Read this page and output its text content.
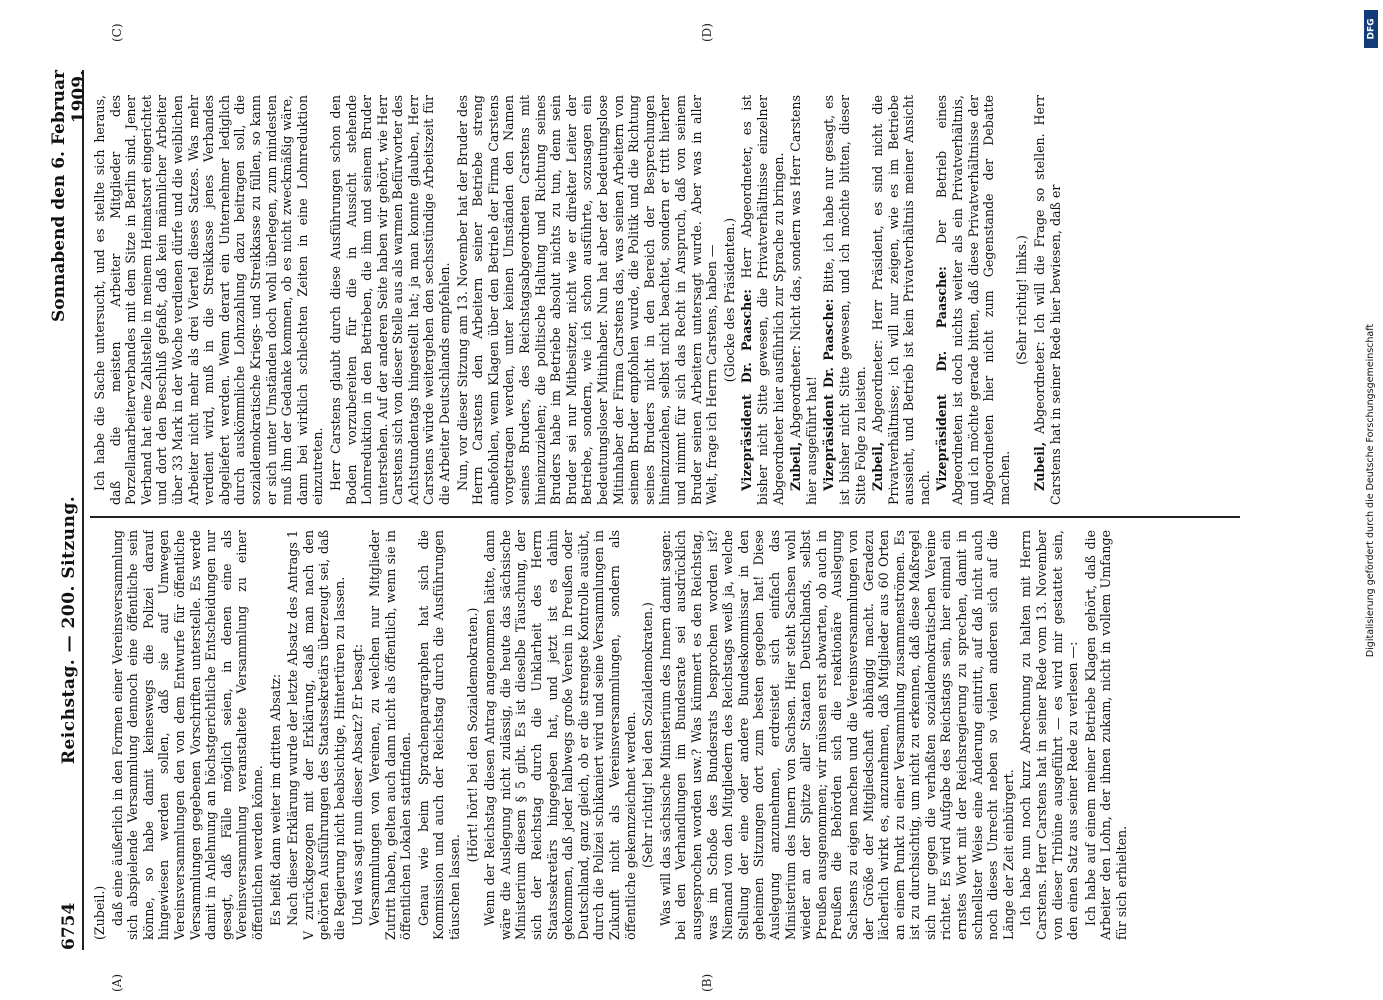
6754
Reichstag. — 200. Sitzung.
Sonnabend den 6. Februar 1909.
(A)	(B)
(C)	(D)

(Zubeil.) daß eine äußerlich in den Formen einer Vereinsversammlung sich abspielende Versammlung dennoch eine öffentliche sein könne, so habe damit keineswegs die Polizei darauf hingewiesen werden sollen, daß sie auf Umwegen Vereinsversammlungen den von dem Entwurfe für öffentliche Versammlungen gegebenen Vorschriften unterstelle. Es werde damit in Anlehnung an höchstgerichtliche Entscheidungen nur gesagt, daß Fälle möglich seien, in denen eine als Vereinsversammlung veranstaltete Versammlung zu einer öffentlichen werden könne. Es heißt dann weiter im dritten Absatz: Nach dieser Erklärung wurde der letzte Absatz des Antrags 1 V zurückgezogen mit der Erklärung, daß man nach den gehörten Ausführungen des Staatssekretärs überzeugt sei, daß die Regierung nicht beabsichtige, Hintertüren zu lassen. Und was sagt nun dieser Absatz? Er besagt: Versammlungen von Vereinen, zu welchen nur Mitglieder Zutritt haben, gelten auch dann nicht als öffentlich, wenn sie in öffentlichen Lokalen stattfinden. Genau wie beim Sprachenparagraphen hat sich die Kommission und auch der Reichstag durch die Ausführungen täuschen lassen.

(Hört! hört! bei den Sozialdemokraten.) Wenn der Reichstag diesen Antrag angenommen hätte, dann wäre die Auslegung nicht zulässig, die heute das sächsische Ministerium diesem § 5 gibt. Es ist dieselbe Täuschung, der sich der Reichstag durch die Unklarheit des Herrn Staatssekretärs hingegeben hat, und jetzt ist es dahin gekommen, daß jeder halbwegs große Verein in Preußen oder Deutschland, ganz gleich, ob er die strengste Kontrolle ausübt, durch die Polizei schikaniert wird und seine Versammlungen in Zukunft nicht als Vereinsversammlungen, sondern als öffentliche gekennzeichnet werden. (Sehr richtig! bei den Sozialdemokraten.) Was will das sächsische Ministerium des Innern damit sagen: bei den Verhandlungen im Bundesrate sei ausdrücklich ausgesprochen worden usw.? Was kümmert es den Reichstag, was im Schoße des Bundesrats besprochen worden ist? Niemand von den Mitgliedern des Reichstags weiß ja, welche Stellung der eine oder andere Bundeskommissar in den geheimen Sitzungen dort zum besten gegeben hat! Diese Auslegung anzunehmen, erdreistet sich einfach das Ministerium des Innern von Sachsen. Hier steht Sachsen wohl wieder an der Spitze aller Staaten Deutschlands, selbst Preußen ausgenommen; wir müssen erst abwarten, ob auch in Preußen die Behörden sich die reaktionäre Auslegung Sachsens zu eigen machen und die Vereinsversammlungen von der Größe der Mitgliedschaft abhängig macht. Geradezu lächerlich wirkt es, anzunehmen, daß Mitglieder aus 60 Orten an einem Punkt zu einer Versammlung zusammenströmen. Es ist zu durchsichtig, um nicht zu erkennen, daß diese Maßregel sich nur gegen die verhaßten sozialdemokratischen Vereine richtet. Es wird Aufgabe des Reichstags sein, hier einmal ein ernstes Wort mit der Reichsregierung zu sprechen, damit in schnellster Weise eine Änderung eintritt, auf daß nicht auch noch dieses Unrecht neben so vielen anderen sich auf die Länge der Zeit einbürgert. Ich habe nun noch kurz Abrechnung zu halten mit Herrn Carstens. Herr Carstens hat in seiner Rede vom 13. November von dieser Tribüne ausgeführt — es wird mir gestattet sein, den einen Satz aus seiner Rede zu verlesen —: Ich habe auf einem meiner Betriebe Klagen gehört, daß die Arbeiter den Lohn, der ihnen zukam, nicht in vollem Umfange für sich erhielten.

Ich habe die Sache untersucht, und es stellte sich heraus, daß die meisten Arbeiter Mitglieder des Porzellanarbeiterverbandes mit dem Sitze in Berlin sind. Jener Verband hat eine Zahlstelle in meinem Heimatsort eingerichtet und dort den Beschluß gefaßt, daß kein männlicher Arbeiter über 33 Mark in der Woche verdienen dürfe und die weiblichen Arbeiter nicht mehr als drei Viertel dieses Satzes. Was mehr verdient wird, muß in die Streikkasse jenes Verbandes abgeliefert werden. Wenn derart ein Unternehmer lediglich durch auskömmliche Lohnzahlung dazu beitragen soll, die sozialdemokratische Kriegs- und Streikkasse zu füllen, so kann er sich unter Umständen doch wohl überlegen, zum mindesten muß ihm der Gedanke kommen, ob es nicht zweckmäßig wäre, dann bei wirklich schlechten Zeiten in eine Lohnreduktion einzutreten. Herr Carstens glaubt durch diese Ausführungen schon den Boden vorzubereiten für die in Aussicht stehende Lohnreduktion in den Betrieben, die ihm und seinem Bruder unterstehen. Auf der anderen Seite haben wir gehört, wie Herr Carstens sich von dieser Stelle aus als warmen Befürworter des Achtstundentags hingestellt hat; ja man konnte glauben, Herr Carstens würde weitergehen den sechsstündige Arbeitszeit für die Arbeiter Deutschlands empfehlen. Nun, vor dieser Sitzung am 13. November hat der Bruder des Herrn Carstens den Arbeitern seiner Betriebe streng anbefohlen, wenn Klagen über den Betrieb der Firma Carstens vorgetragen werden, unter keinen Umständen den Namen seines Bruders, des Reichstagsabgeordneten Carstens mit hineinzuziehen; die politische Haltung und Richtung seines Bruders habe im Betriebe absolut nichts zu tun, denn sein Bruder sei nur Mitbesitzer, nicht wie er direkter Leiter der Betriebe, sondern, wie ich schon ausführte, sozusagen ein bedeutungsloser Mitinhaber. Nun hat aber der bedeutungslose Mitinhaber der Firma Carstens das, was seinen Arbeitern von seinem Bruder empfohlen wurde, die Politik und die Richtung seines Bruders nicht in den Bereich der Besprechungen hineinzuziehen, selbst nicht beachtet, sondern er tritt hierher und nimmt für sich das Recht in Anspruch, daß von seinem Bruder seinen Arbeitern untersagt wurde. Aber was in aller Welt, frage ich Herrn Carstens, haben — (Glocke des Präsidenten.) Vizepräsident Dr. Paasche: Herr Abgeordneter, es ist bisher nicht Sitte gewesen, die Privatverhältnisse einzelner Abgeordneter hier ausführlich zur Sprache zu bringen. Zubeil, Abgeordneter: Nicht das, sondern was Herr Carstens hier ausgeführt hat! Vizepräsident Dr. Paasche: Bitte, ich habe nur gesagt, es ist bisher nicht Sitte gewesen, und ich möchte bitten, dieser Sitte Folge zu leisten. Zubeil, Abgeordneter: Herr Präsident, es sind nicht die Privatverhältnisse; ich will nur zeigen, wie es im Betriebe aussieht, und Betrieb ist kein Privatverhältnis meiner Ansicht nach. Vizepräsident Dr. Paasche: Der Betrieb eines Abgeordneten ist doch nichts weiter als ein Privatverhältnis, und ich möchte gerade bitten, daß diese Privatverhältnisse der Abgeordneten hier nicht zum Gegenstande der Debatte machen.

(Sehr richtig! links.)

Zubeil, Abgeordneter: Ich will die Frage so stellen. Herr Carstens hat in seiner Rede hier bewiesen, daß er

DFG
Digitalisierung gefördert durch die Deutsche Forschungsgemeinschaft
